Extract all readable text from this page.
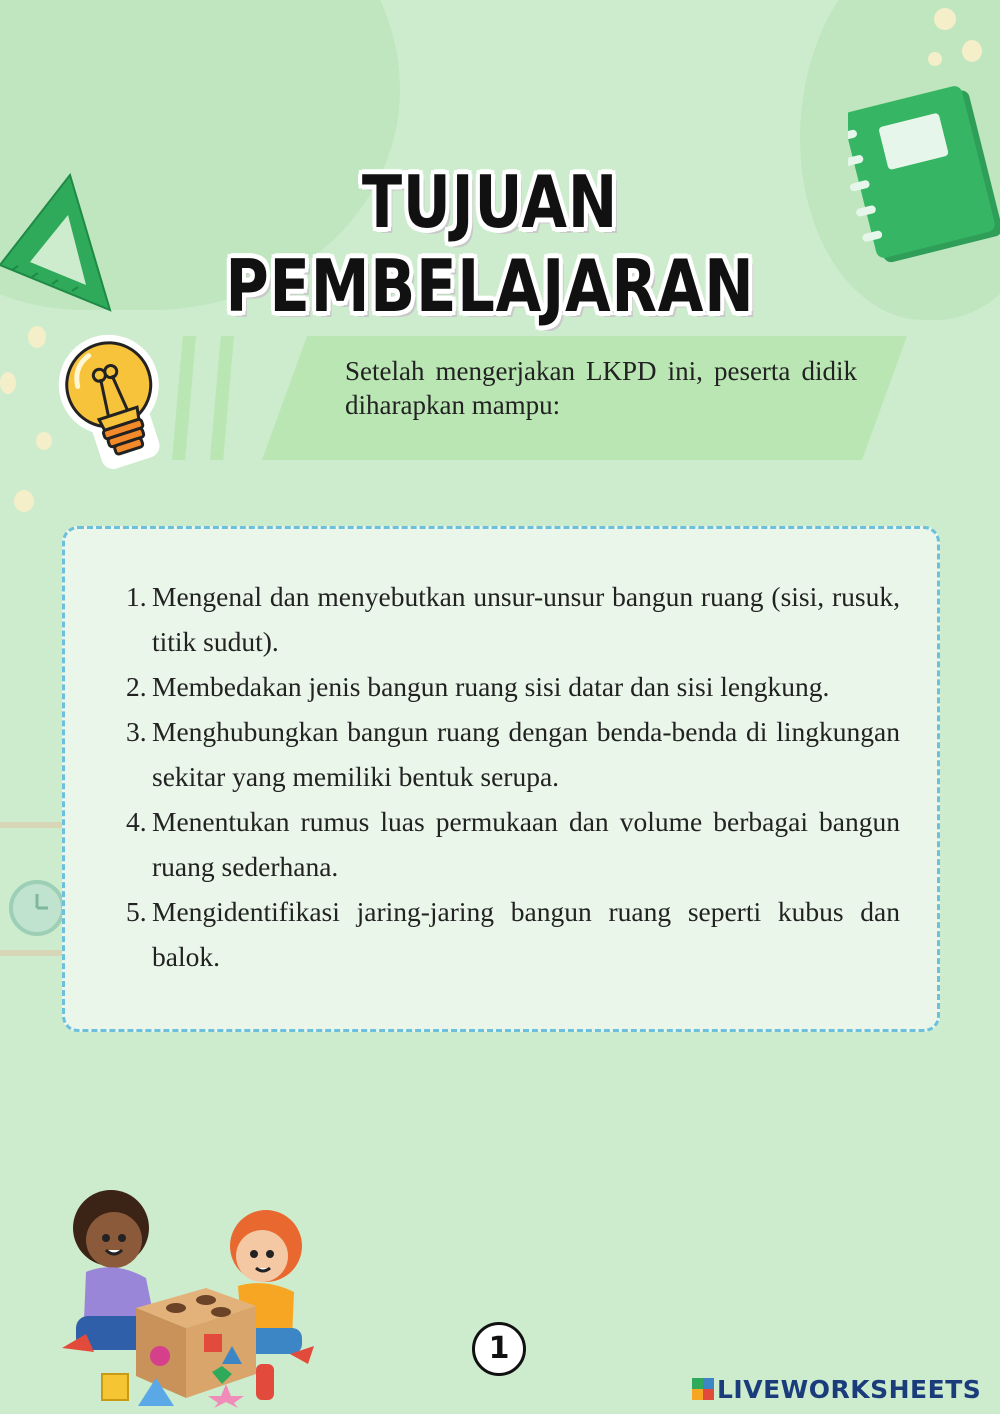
TUJUAN PEMBELAJARAN
Setelah mengerjakan LKPD ini, peserta didik diharapkan mampu:
1. Mengenal dan menyebutkan unsur-unsur bangun ruang (sisi, rusuk, titik sudut).
2. Membedakan jenis bangun ruang sisi datar dan sisi lengkung.
3. Menghubungkan bangun ruang dengan benda-benda di lingkungan sekitar yang memiliki bentuk serupa.
4. Menentukan rumus luas permukaan dan volume berbagai bangun ruang sederhana.
5. Mengidentifikasi jaring-jaring bangun ruang seperti kubus dan balok.
1
LIVEWORKSHEETS
